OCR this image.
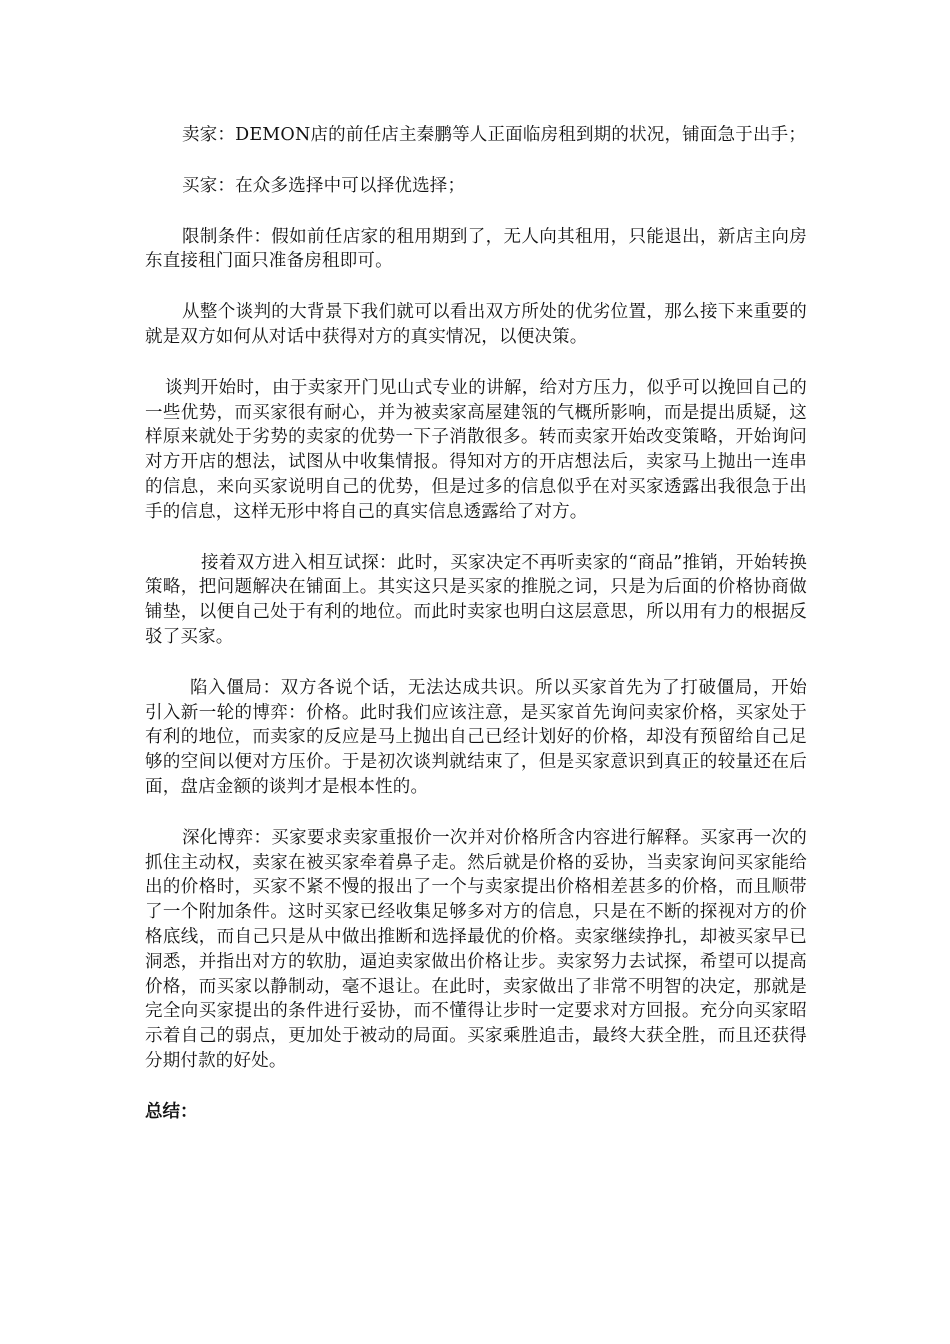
卖家：DEMON店的前任店主秦鹏等人正面临房租到期的状况，铺面急于出手；

买家：在众多选择中可以择优选择；

限制条件：假如前任店家的租用期到了，无人向其租用，只能退出，新店主向房东直接租门面只准备房租即可。

从整个谈判的大背景下我们就可以看出双方所处的优劣位置，那么接下来重要的就是双方如何从对话中获得对方的真实情况，以便决策。

谈判开始时，由于卖家开门见山式专业的讲解，给对方压力，似乎可以挽回自己的一些优势，而买家很有耐心，并为被卖家高屋建瓴的气概所影响，而是提出质疑，这样原来就处于劣势的卖家的优势一下子消散很多。转而卖家开始改变策略，开始询问对方开店的想法，试图从中收集情报。得知对方的开店想法后，卖家马上抛出一连串的信息，来向买家说明自己的优势，但是过多的信息似乎在对买家透露出我很急于出手的信息，这样无形中将自己的真实信息透露给了对方。

接着双方进入相互试探：此时，买家决定不再听卖家的“商品”推销，开始转换策略，把问题解决在铺面上。其实这只是买家的推脱之词，只是为后面的价格协商做铺垫，以便自己处于有利的地位。而此时卖家也明白这层意思，所以用有力的根据反驳了买家。

陷入僵局：双方各说个话，无法达成共识。所以买家首先为了打破僵局，开始引入新一轮的博弈：价格。此时我们应该注意，是买家首先询问卖家价格，买家处于有利的地位，而卖家的反应是马上抛出自己已经计划好的价格，却没有预留给自己足够的空间以便对方压价。于是初次谈判就结束了，但是买家意识到真正的较量还在后面，盘店金额的谈判才是根本性的。

深化博弈：买家要求卖家重报价一次并对价格所含内容进行解释。买家再一次的抓住主动权，卖家在被买家牵着鼻子走。然后就是价格的妥协，当卖家询问买家能给出的价格时，买家不紧不慢的报出了一个与卖家提出价格相差甚多的价格，而且顺带了一个附加条件。这时买家已经收集足够多对方的信息，只是在不断的探视对方的价格底线，而自己只是从中做出推断和选择最优的价格。卖家继续挣扎，却被买家早已洞悉，并指出对方的软肋，逼迫卖家做出价格让步。卖家努力去试探，希望可以提高价格，而买家以静制动，毫不退让。在此时，卖家做出了非常不明智的决定，那就是完全向买家提出的条件进行妥协，而不懂得让步时一定要求对方回报。充分向买家昭示着自己的弱点，更加处于被动的局面。买家乘胜追击，最终大获全胜，而且还获得分期付款的好处。

总结：
